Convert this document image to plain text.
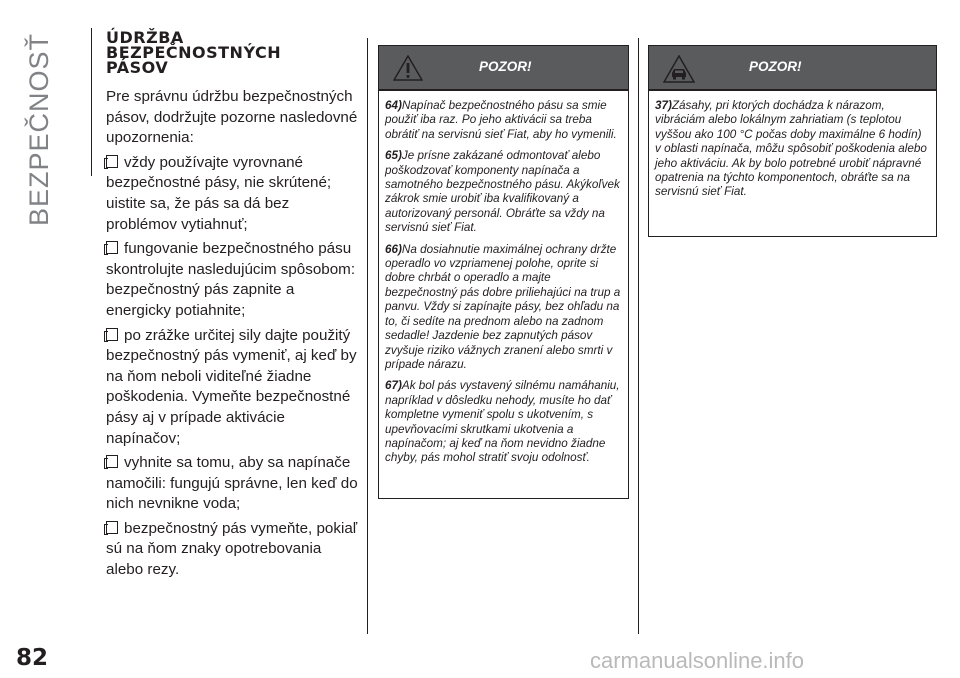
BEZPEČNOSŤ	ÚDRŽBA
BEZPEČNOSTNÝCH
PÁSOV

Pre správnu údržbu bezpečnostných pásov, dodržujte pozorne nasledovné upozornenia:

vždy používajte vyrovnané bezpečnostné pásy, nie skrútené; uistite sa, že pás sa dá bez problémov vytiahnuť;

fungovanie bezpečnostného pásu skontrolujte nasledujúcim spôsobom: bezpečnostný pás zapnite a energicky potiahnite;

po zrážke určitej sily dajte použitý bezpečnostný pás vymeniť, aj keď by na ňom neboli viditeľné žiadne poškodenia. Vymeňte bezpečnostné pásy aj v prípade aktivácie napínačov;

vyhnite sa tomu, aby sa napínače namočili: fungujú správne, len keď do nich nevnikne voda;

bezpečnostný pás vymeňte, pokiaľ sú na ňom znaky opotrebovania alebo rezy.

POZOR!

64)Napínač bezpečnostného pásu sa smie použiť iba raz. Po jeho aktivácii sa treba obrátiť na servisnú sieť Fiat, aby ho vymenili.

65)Je prísne zakázané odmontovať alebo poškodzovať komponenty napínača a samotného bezpečnostného pásu. Akýkoľvek zákrok smie urobiť iba kvalifikovaný a autorizovaný personál. Obráťte sa vždy na servisnú sieť Fiat.

66)Na dosiahnutie maximálnej ochrany držte operadlo vo vzpriamenej polohe, oprite si dobre chrbát o operadlo a majte bezpečnostný pás dobre priliehajúci na trup a panvu. Vždy si zapínajte pásy, bez ohľadu na to, či sedíte na prednom alebo na zadnom sedadle! Jazdenie bez zapnutých pásov zvyšuje riziko vážnych zranení alebo smrti v prípade nárazu.

67)Ak bol pás vystavený silnému namáhaniu, napríklad v dôsledku nehody, musíte ho dať kompletne vymeniť spolu s ukotvením, s upevňovacími skrutkami ukotvenia a napínačom; aj keď na ňom nevidno žiadne chyby, pás mohol stratiť svoju odolnosť.

POZOR!

37)Zásahy, pri ktorých dochádza k nárazom, vibráciám alebo lokálnym zahriatiam (s teplotou vyššou ako 100 °C počas doby maximálne 6 hodín) v oblasti napínača, môžu spôsobiť poškodenia alebo jeho aktiváciu. Ak by bolo potrebné urobiť nápravné opatrenia na týchto komponentoch, obráťte sa na servisnú sieť Fiat.

82	carmanualsonline.info
